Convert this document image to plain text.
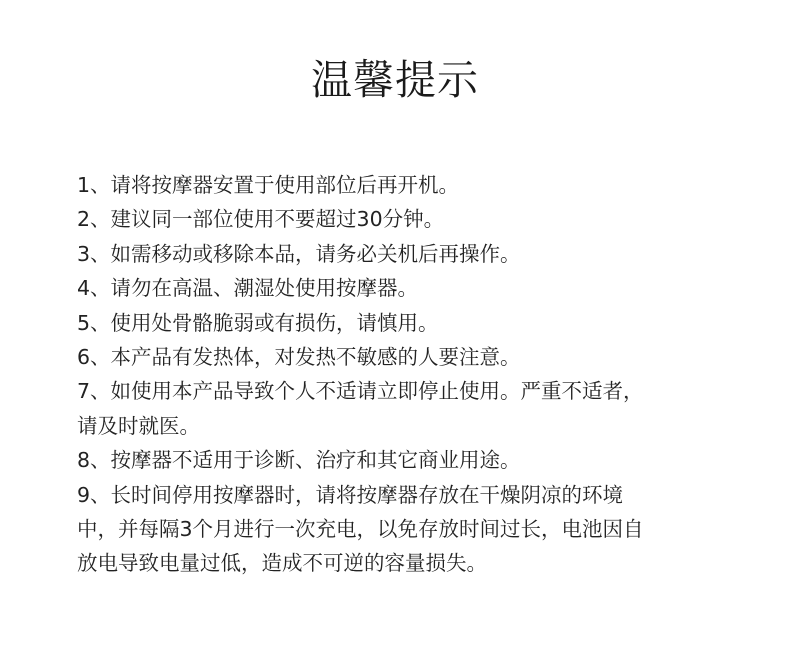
温馨提示
1、请将按摩器安置于使用部位后再开机。
2、建议同一部位使用不要超过30分钟。
3、如需移动或移除本品，请务必关机后再操作。
4、请勿在高温、潮湿处使用按摩器。
5、使用处骨骼脆弱或有损伤，请慎用。
6、本产品有发热体，对发热不敏感的人要注意。
7、如使用本产品导致个人不适请立即停止使用。严重不适者，
请及时就医。
8、按摩器不适用于诊断、治疗和其它商业用途。
9、长时间停用按摩器时，请将按摩器存放在干燥阴凉的环境
中，并每隔3个月进行一次充电，以免存放时间过长，电池因自
放电导致电量过低，造成不可逆的容量损失。
